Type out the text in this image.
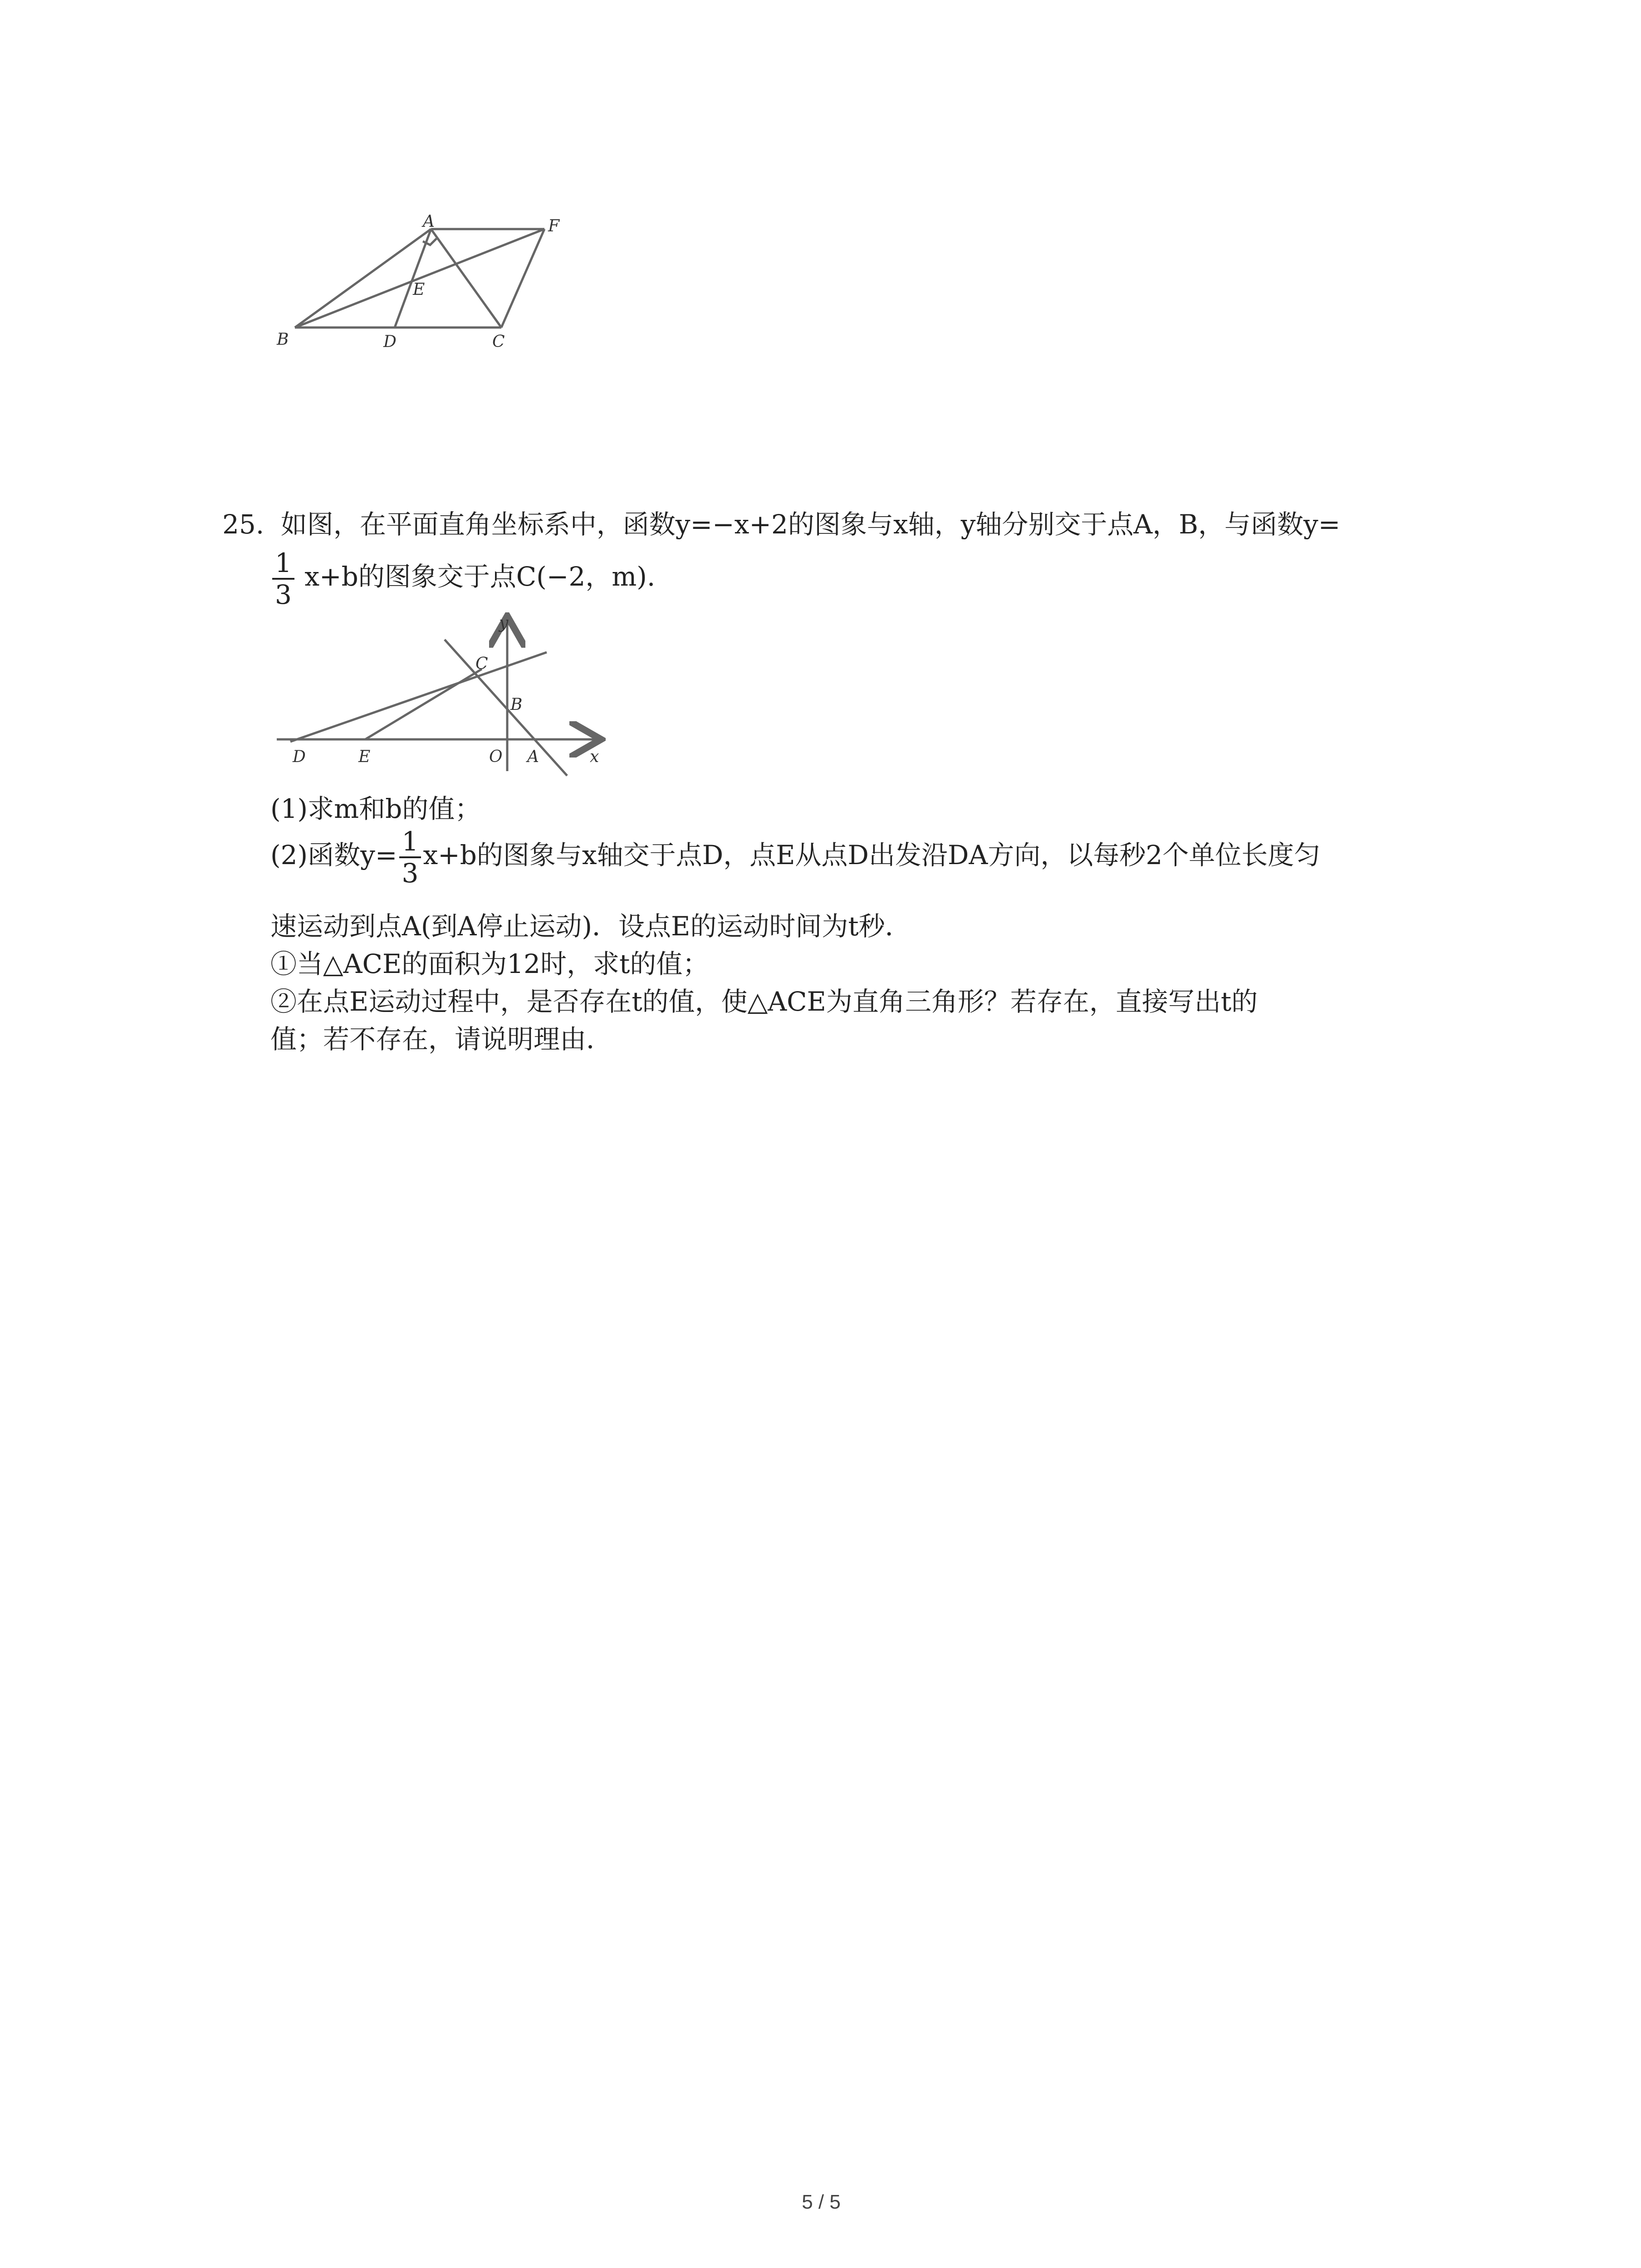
A	F
E
B	D	C
25. 如图，在平面直角坐标系中，函数y=−x+2的图象与x轴，y轴分别交于点A，B，与函数y=
$\frac{1}{3} x+b$的图象交于点C(−2，m).
y
C
B
D	E	O A	x
(1)求m和b的值；
(2)函数$y= \frac{1}{3} x+b$的图象与x轴交于点D，点E从点D出发沿DA方向，以每秒2个单位长度匀
速运动到点A(到A停止运动)．设点E的运动时间为t秒．
①当△ACE的面积为12时，求t的值；
②在点E运动过程中，是否存在t的值，使△ACE为直角三角形？若存在，直接写出t的
值；若不存在，请说明理由．
5 / 5
